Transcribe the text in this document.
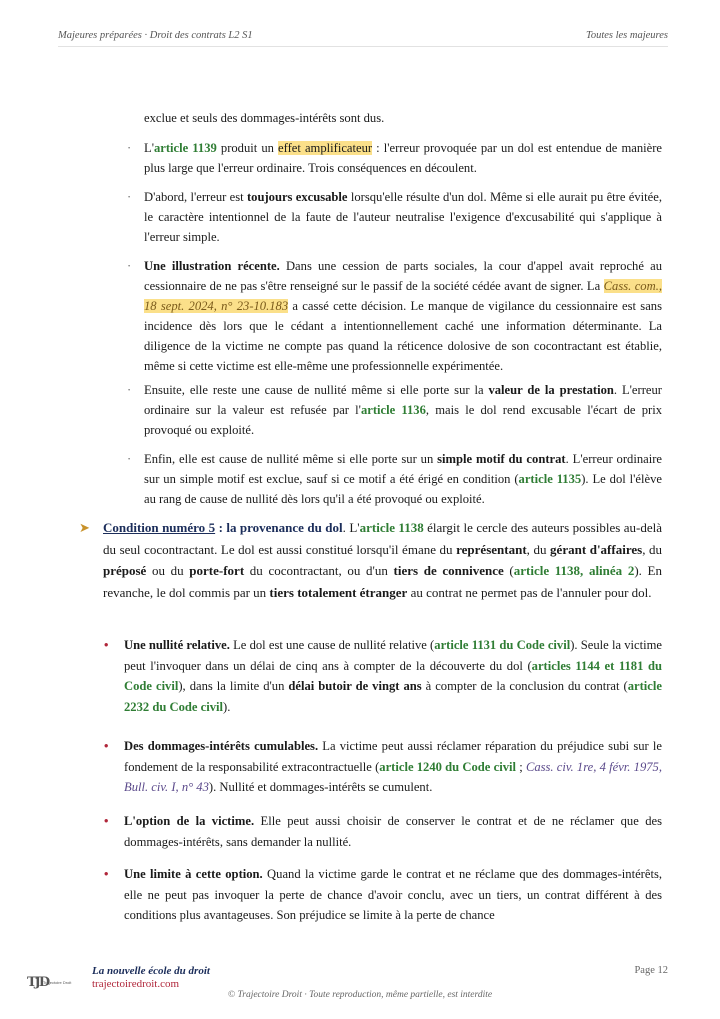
Majeures préparées · Droit des contrats L2 S1	Toutes les majeures

exclue et seuls des dommages-intérêts sont dus.

· L'article 1139 produit un effet amplificateur : l'erreur provoquée par un dol est entendue de manière plus large que l'erreur ordinaire. Trois conséquences en découlent.

· D'abord, l'erreur est toujours excusable lorsqu'elle résulte d'un dol. Même si elle aurait pu être évitée, le caractère intentionnel de la faute de l'auteur neutralise l'exigence d'excusabilité qui s'applique à l'erreur simple.

· Une illustration récente. Dans une cession de parts sociales, la cour d'appel avait reproché au cessionnaire de ne pas s'être renseigné sur le passif de la société cédée avant de signer. La Cass. com., 18 sept. 2024, n° 23-10.183 a cassé cette décision. Le manque de vigilance du cessionnaire est sans incidence dès lors que le cédant a intentionnellement caché une information déterminante. La diligence de la victime ne compte pas quand la réticence dolosive de son cocontractant est établie, même si cette victime est elle-même une professionnelle expérimentée.

· Ensuite, elle reste une cause de nullité même si elle porte sur la valeur de la prestation. L'erreur ordinaire sur la valeur est refusée par l'article 1136, mais le dol rend excusable l'écart de prix provoqué ou exploité.

· Enfin, elle est cause de nullité même si elle porte sur un simple motif du contrat. L'erreur ordinaire sur un simple motif est exclue, sauf si ce motif a été érigé en condition (article 1135). Le dol l'élève au rang de cause de nullité dès lors qu'il a été provoqué ou exploité.

➤ Condition numéro 5 : la provenance du dol. L'article 1138 élargit le cercle des auteurs possibles au-delà du seul cocontractant. Le dol est aussi constitué lorsqu'il émane du représentant, du gérant d'affaires, du préposé ou du porte-fort du cocontractant, ou d'un tiers de connivence (article 1138, alinéa 2). En revanche, le dol commis par un tiers totalement étranger au contrat ne permet pas de l'annuler pour dol.

• Une nullité relative. Le dol est une cause de nullité relative (article 1131 du Code civil). Seule la victime peut l'invoquer dans un délai de cinq ans à compter de la découverte du dol (articles 1144 et 1181 du Code civil), dans la limite d'un délai butoir de vingt ans à compter de la conclusion du contrat (article 2232 du Code civil).

• Des dommages-intérêts cumulables. La victime peut aussi réclamer réparation du préjudice subi sur le fondement de la responsabilité extracontractuelle (article 1240 du Code civil ; Cass. civ. 1re, 4 févr. 1975, Bull. civ. I, n° 43). Nullité et dommages-intérêts se cumulent.

• L'option de la victime. Elle peut aussi choisir de conserver le contrat et de ne réclamer que des dommages-intérêts, sans demander la nullité.

• Une limite à cette option. Quand la victime garde le contrat et ne réclame que des dommages-intérêts, elle ne peut pas invoquer la perte de chance d'avoir conclu, avec un tiers, un contrat différent à des conditions plus avantageuses. Son préjudice se limite à la perte de chance

TJD
Trajectoire Droit
La nouvelle école du droit
trajectoiredroit.com
Page 12
© Trajectoire Droit · Toute reproduction, même partielle, est interdite
